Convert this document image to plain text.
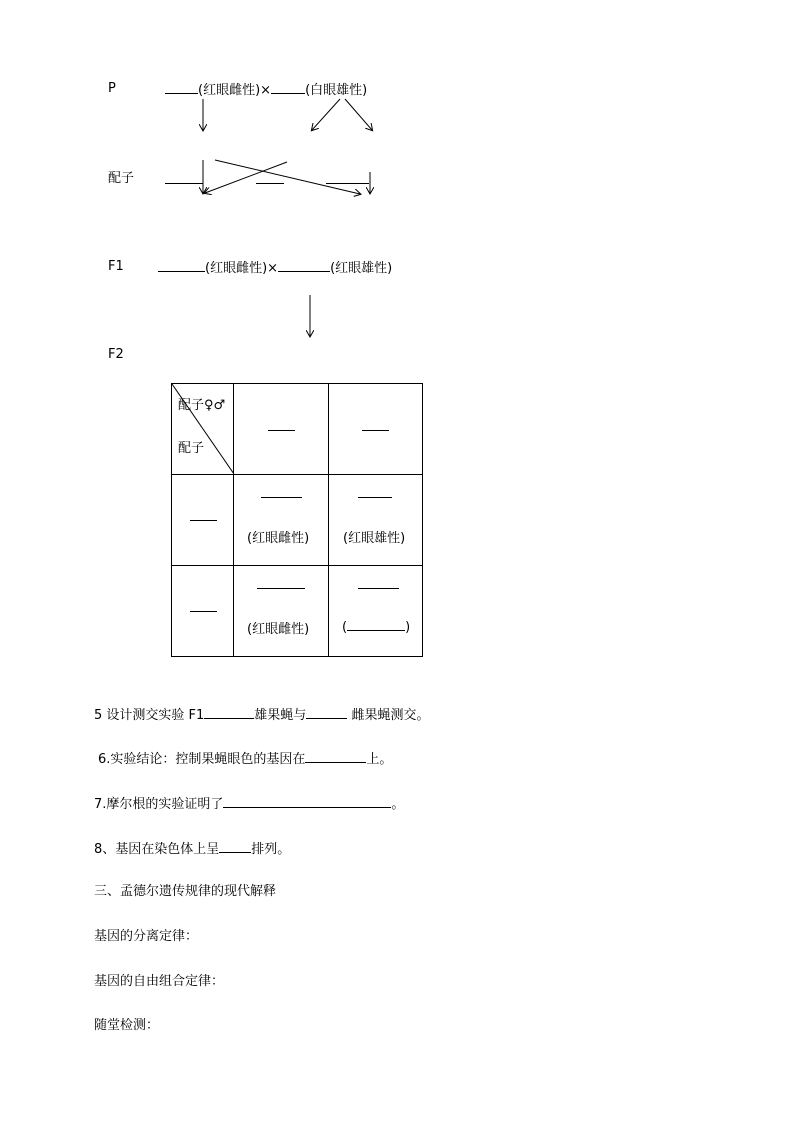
P	(红眼雌性)×	(白眼雄性)
配子
F1	(红眼雌性)×	(红眼雄性)
F2
配子♀♂
配子		

	(红眼雌性)	(红眼雄性)

	(红眼雌性)	( )
5 设计测交实验 F1	雄果蝇与	雌果蝇测交。
6.实验结论：控制果蝇眼色的基因在	上。
7.摩尔根的实验证明了	。
8、基因在染色体上呈 排列。
三、孟德尔遗传规律的现代解释
基因的分离定律：
基因的自由组合定律：
随堂检测：
